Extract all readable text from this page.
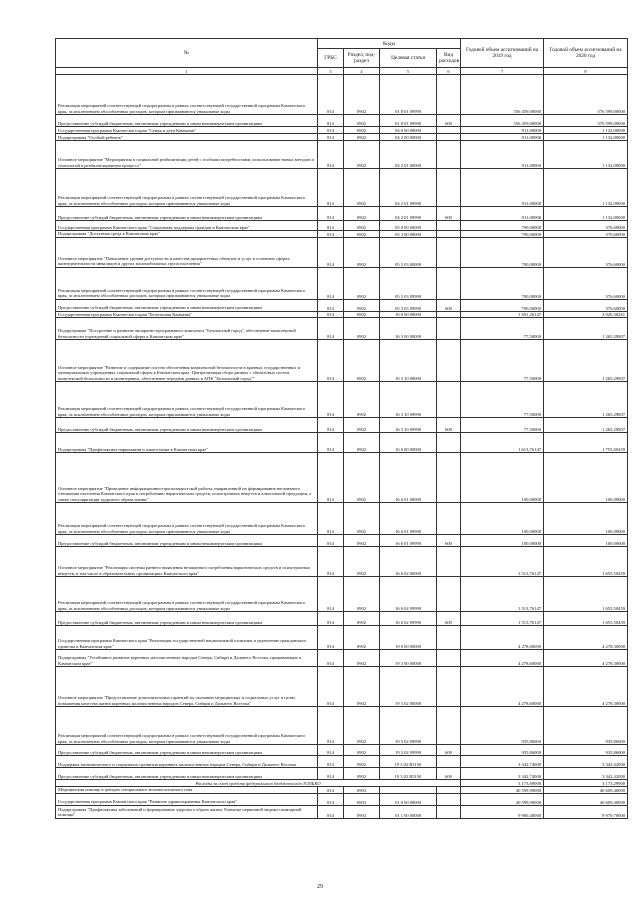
№	Коды				Годовой объем ассигнований на 2019 год	Годовой объем ассигнований на 2020 год
	ГРБС	Раздел, под-раздел	Целевая статья	Вид расходов		
1	3	4	5	6	7	8
Реализация мероприятий соответствующей подпрограммы в рамках соответствующей государственной программы Камчатского края, за исключением обособленных расходов, которым присваиваются уникальные коды	814	0902	01 8 01 09990		556 459,00000	576 599,00000
Предоставление субсидий бюджетным, автономным учреждениям и иным некоммерческим организациям	814	0902	01 8 01 09990	600	556 459,00000	576 599,00000
Государственная программа Камчатского края "Семья и дети Камчатки"	814	0902	04 0 00 00000		911,00000	1 132,00000
Подпрограмма "Особый ребенок"	814	0902	04 2 00 00000		911,00000	1 132,00000
Основное мероприятие "Мероприятия в социальной реабилитации детей с особыми потребностями, использование новых методов и технологий в реабилитационном процессе"	814	0902	04 2 01 00000		911,00000	1 132,00000
Реализация мероприятий соответствующей подпрограммы в рамках соответствующей государственной программы Камчатского края, за исключением обособленных расходов, которым присваиваются уникальные коды	814	0902	04 2 01 09990		911,00000	1 132,00000
Предоставление субсидий бюджетным, автономным учреждениям и иным некоммерческим организациям	814	0902	04 2 01 09990	600	911,00000	1 132,00000
Государственная программа Камчатского края "Социальная поддержка граждан в Камчатском крае"	814	0902	05 0 00 00000		790,00000	376,60000
Подпрограмма "Доступная среда в Камчатском крае"	814	0902	05 3 00 00000		790,00000	376,60000
Основное мероприятие "Повышение уровня доступности и качества приоритетных объектов и услуг в основных сферах жизнедеятельности инвалидов и других маломобильных групп населения"	814	0902	05 3 03 00000		790,00000	376,60000
Реализация мероприятий соответствующей подпрограммы в рамках соответствующей государственной программы Камчатского края, за исключением обособленных расходов, которым присваиваются уникальные коды	814	0902	05 3 03 09990		790,00000	376,60000
Предоставление субсидий бюджетным, автономным учреждениям и иным некоммерческим организациям	814	0902	05 3 03 09990	600	790,00000	376,60000
Государственная программа Камчатского края "Безопасная Камчатка"	814	0902	16 0 00 00000		1 691,26147	3 020,30261
Подпрограмма "Построение и развитие аппаратно-программного комплекса "Безопасный город", обеспечение комплексной безопасности учреждений социальной сферы в Камчатском крае"	814	0902	16 3 00 00000		77,50000	1 265,29807
Основное мероприятие "Развитие и содержание систем обеспечения комплексной безопасности в краевых государственных и муниципальных учреждениях социальной сферы в Камчатском крае. Централизация сбора данных с объектовых систем комплексной безопасности и мониторинга, обеспечение передачи данных в АПК "Безопасный город""	814	0902	16 3 10 00000		77,50000	1 265,29807
Реализация мероприятий соответствующей подпрограммы в рамках соответствующей государственной программы Камчатского края, за исключением обособленных расходов, которым присваиваются уникальные коды	814	0902	16 3 10 09990		77,50000	1 265,29807
Предоставление субсидий бюджетным, автономным учреждениям и иным некоммерческим организациям	814	0902	16 3 10 09990	600	77,50000	1 265,29807
Подпрограмма "Профилактика наркомании и алкоголизма в Камчатском крае"	814	0902	16 6 00 00000		1 613,76147	1 755,00459
Основное мероприятие "Проведение информационно-пропагандистской работы, направленной на формирование негативного отношения населения Камчатского края к потреблению наркотических средств, психотропных веществ и алкогольной продукции, а также популяризации здорового образа жизни"	814	0902	16 6 01 00000		100,00000	100,00000
Реализация мероприятий соответствующей подпрограммы в рамках соответствующей государственной программы Камчатского края, за исключением обособленных расходов, которым присваиваются уникальные коды	814	0902	16 6 01 09990		100,00000	100,00000
Предоставление субсидий бюджетным, автономным учреждениям и иным некоммерческим организациям	814	0902	16 6 01 09990	600	100,00000	100,00000
Основное мероприятие "Реализация системы раннего выявления незаконного потребления наркотических средств и психотропных веществ, в том числе в образовательных организациях Камчатского края"	814	0902	16 6 02 00000		1 513,76147	1 655,50459
Реализация мероприятий соответствующей подпрограммы в рамках соответствующей государственной программы Камчатского края, за исключением обособленных расходов, которым присваиваются уникальные коды	814	0902	16 6 02 09990		1 513,76147	1 655,50459
Предоставление субсидий бюджетным, автономным учреждениям и иным некоммерческим организациям	814	0902	16 6 02 09990	600	1 513,76147	1 655,50459
Государственная программа Камчатского края "Реализация государственной национальной политики и укрепление гражданского единства в Камчатском крае"	814	0902	19 0 00 00000		4 278,60000	4 278,30000
Подпрограмма "Устойчивое развитие коренных малочисленных народов Севера, Сибири и Дальнего Востока, проживающих в Камчатском крае"	814	0902	19 3 00 00000		4 278,60000	4 278,30000
Основное мероприятие "Предоставление дополнительных гарантий по оказанию медицинских и социальных услуг в целях повышения качества жизни коренных малочисленных народов Севера, Сибири и Дальнего Востока"	814	0902	19 3 02 00000		4 278,60000	4 278,30000
Реализация мероприятий соответствующей подпрограммы в рамках соответствующей государственной программы Камчатского края, за исключением обособленных расходов, которым присваиваются уникальные коды	814	0902	19 3 02 09990		935,86000	935,86000
Предоставление субсидий бюджетным, автономным учреждениям и иным некоммерческим организациям	814	0902	19 3 02 09990	600	935,86000	935,86000
Поддержка экономического и социального развития коренных малочисленных народов Севера, Сибири и Дальнего Востока	814	0902	19 3 02 R5150		3 342,74000	3 342,42000
Предоставление субсидий бюджетным, автономным учреждениям и иным некоммерческим организациям	814	0902	19 3 02 R5150	600	3 342,74000	3 342,42000
Расходы за счет средств федерального бюджета в/т ТОЛЬКО					3 173,69000	3 173,29900
Медицинская помощь в центрах специального вспомогательного гона	814	0903			40 599,99000	40 609,40000
Государственная программа Камчатского края "Развитие здравоохранения Камчатского края"	814	0903	01 0 00 00000		40 599,99000	40 609,40000
Подпрограмма "Профилактика заболеваний и формирование здорового образа жизни. Развитие первичной медико-санитарной помощи"	814	0903	01 1 00 00000		9 960,40000	9 970,70000
29
